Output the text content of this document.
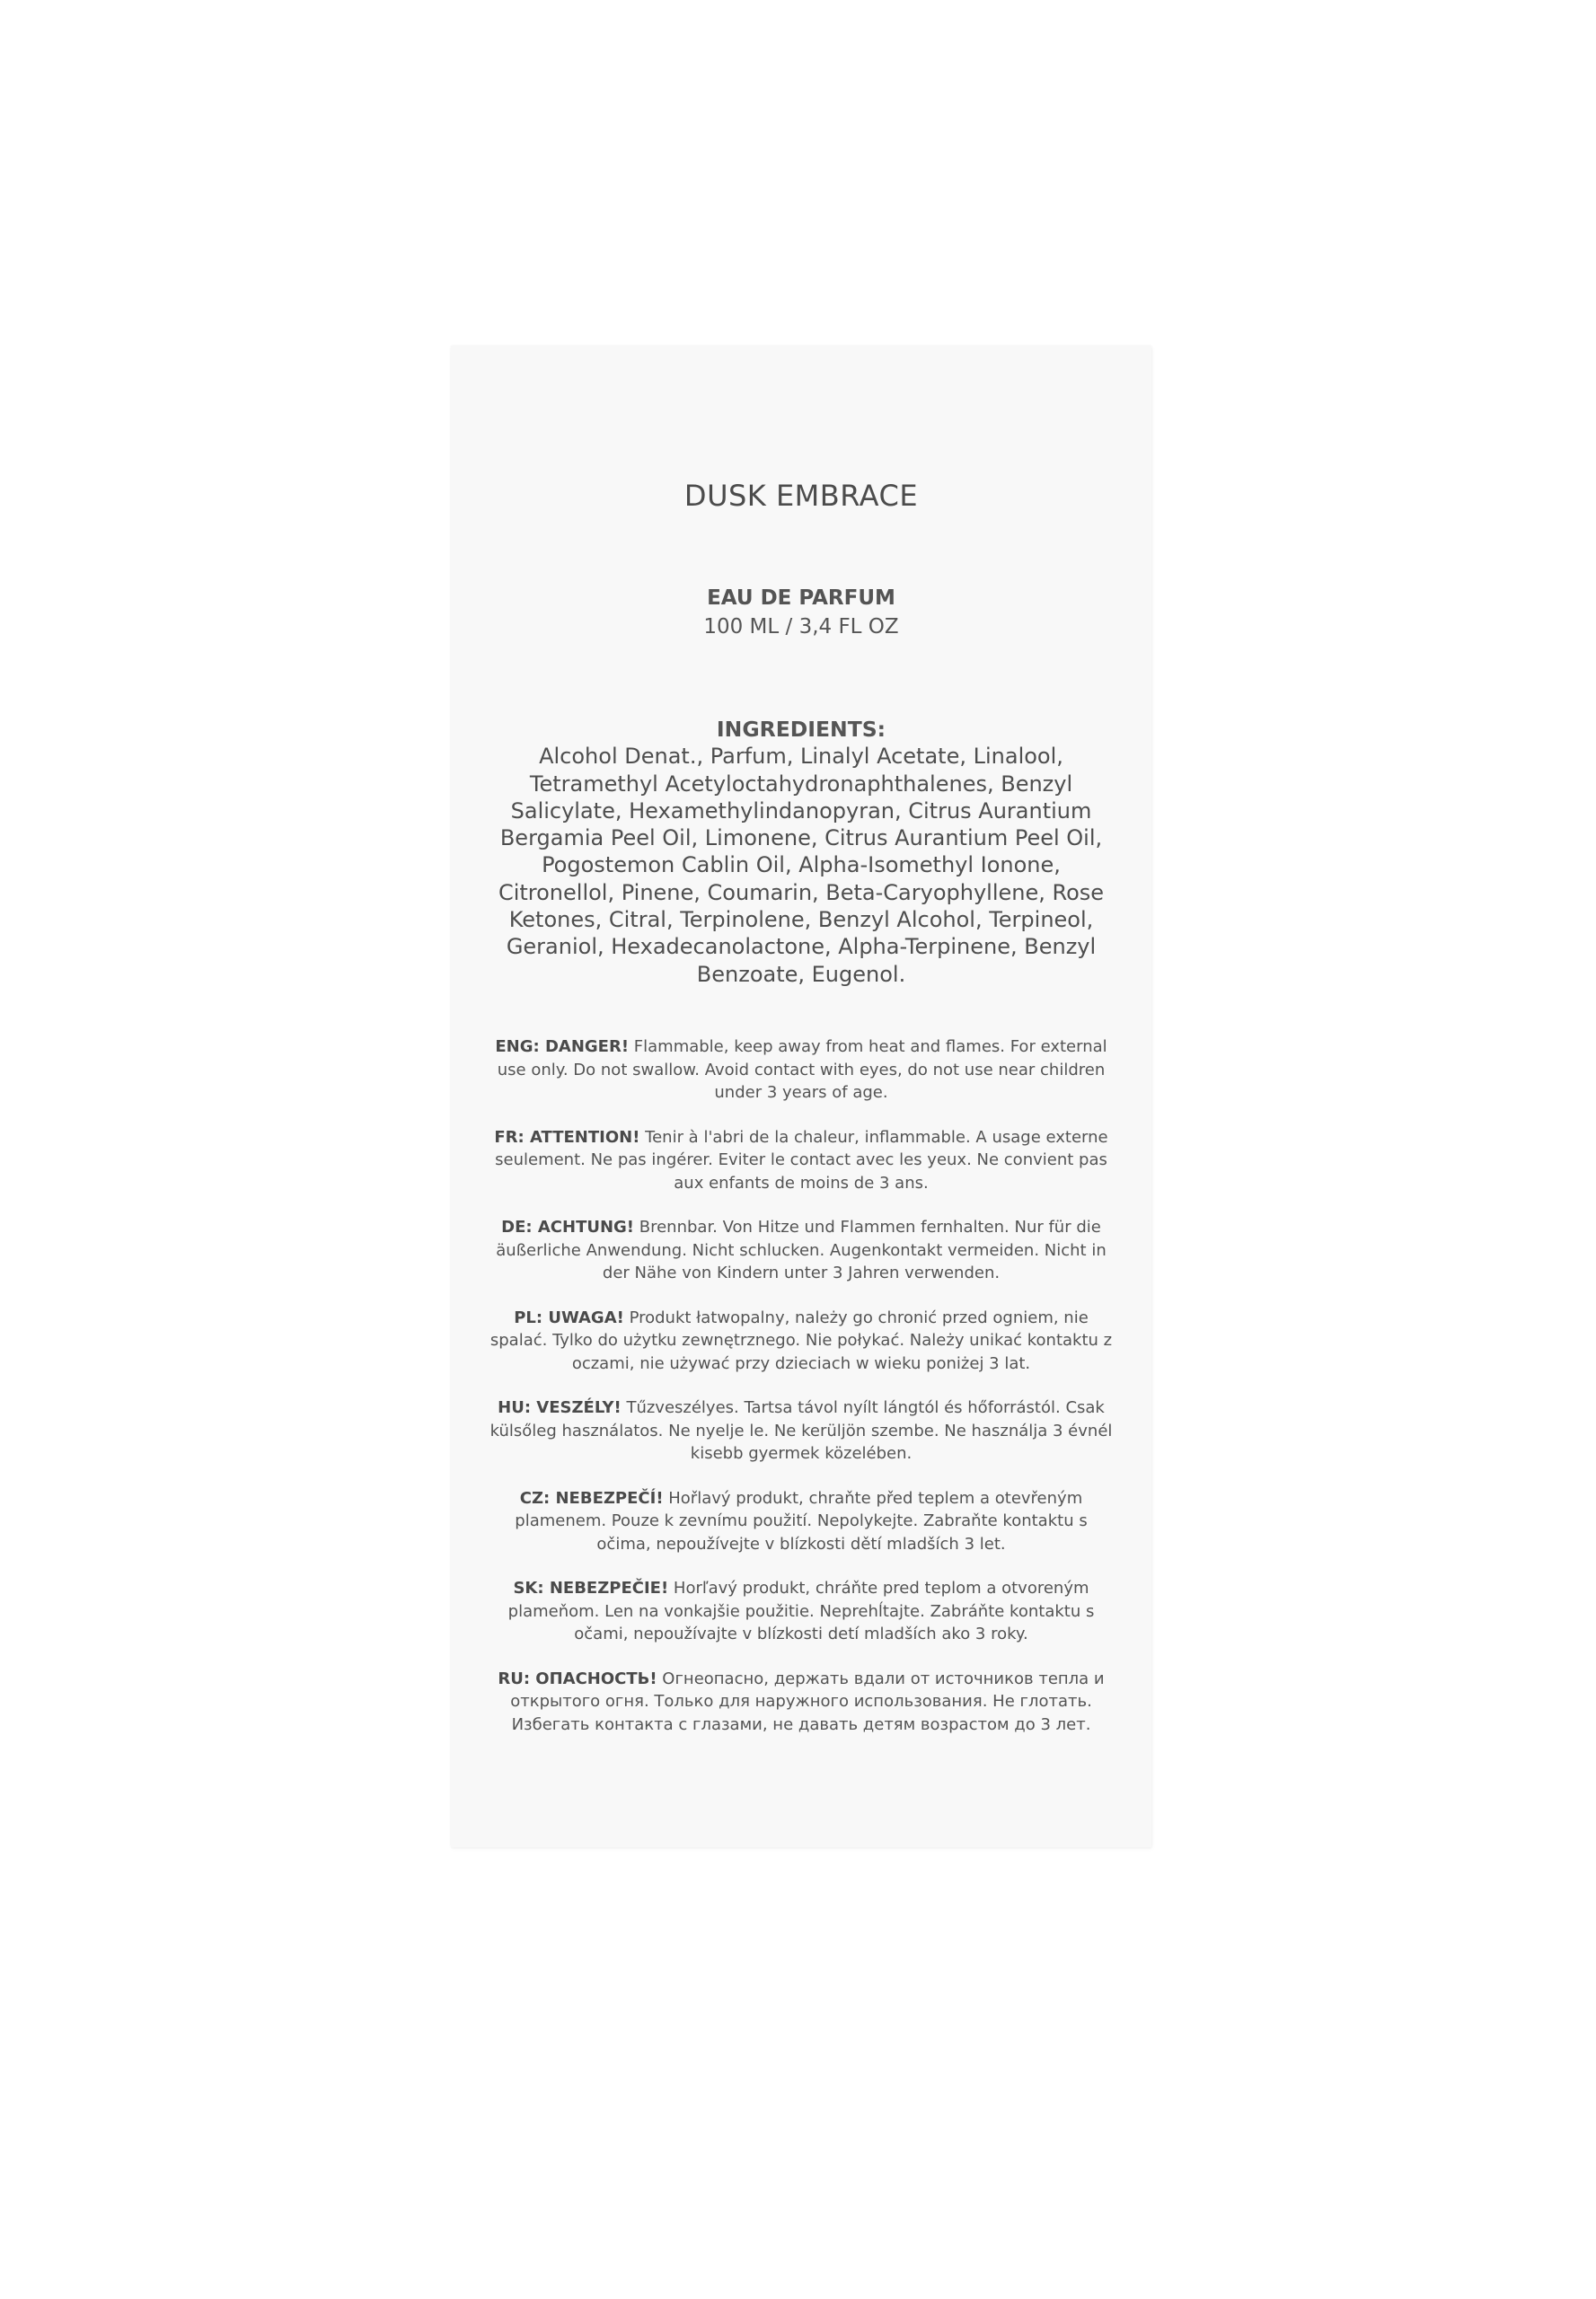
DUSK EMBRACE
EAU DE PARFUM
100 ML / 3,4 FL OZ
INGREDIENTS:
Alcohol Denat., Parfum, Linalyl Acetate, Linalool, Tetramethyl Acetyloctahydronaphthalenes, Benzyl Salicylate, Hexamethylindanopyran, Citrus Aurantium Bergamia Peel Oil, Limonene, Citrus Aurantium Peel Oil, Pogostemon Cablin Oil, Alpha-Isomethyl Ionone, Citronellol, Pinene, Coumarin, Beta-Caryophyllene, Rose Ketones, Citral, Terpinolene, Benzyl Alcohol, Terpineol, Geraniol, Hexadecanolactone, Alpha-Terpinene, Benzyl Benzoate, Eugenol.
ENG: DANGER! Flammable, keep away from heat and flames. For external use only. Do not swallow. Avoid contact with eyes, do not use near children under 3 years of age.
FR: ATTENTION! Tenir à l'abri de la chaleur, inflammable. A usage externe seulement. Ne pas ingérer. Eviter le contact avec les yeux. Ne convient pas aux enfants de moins de 3 ans.
DE: ACHTUNG! Brennbar. Von Hitze und Flammen fernhalten. Nur für die äußerliche Anwendung. Nicht schlucken. Augenkontakt vermeiden. Nicht in der Nähe von Kindern unter 3 Jahren verwenden.
PL: UWAGA! Produkt łatwopalny, należy go chronić przed ogniem, nie spalać. Tylko do użytku zewnętrznego. Nie połykać. Należy unikać kontaktu z oczami, nie używać przy dzieciach w wieku poniżej 3 lat.
HU: VESZÉLY! Tűzveszélyes. Tartsa távol nyílt lángtól és hőforrástól. Csak külsőleg használatos. Ne nyelje le. Ne kerüljön szembe. Ne használja 3 évnél kisebb gyermek közelében.
CZ: NEBEZPEČÍ! Hořlavý produkt, chraňte před teplem a otevřeným plamenem. Pouze k zevnímu použití. Nepolykejte. Zabraňte kontaktu s očima, nepoužívejte v blízkosti dětí mladších 3 let.
SK: NEBEZPEČIE! Horľavý produkt, chráňte pred teplom a otvoreným plameňom. Len na vonkajšie použitie. Neprehĺtajte. Zabráňte kontaktu s očami, nepoužívajte v blízkosti detí mladších ako 3 roky.
RU: ОПАСНОСТЬ! Огнеопасно, держать вдали от источников тепла и открытого огня. Только для наружного использования. Не глотать. Избегать контакта с глазами, не давать детям возрастом до 3 лет.
